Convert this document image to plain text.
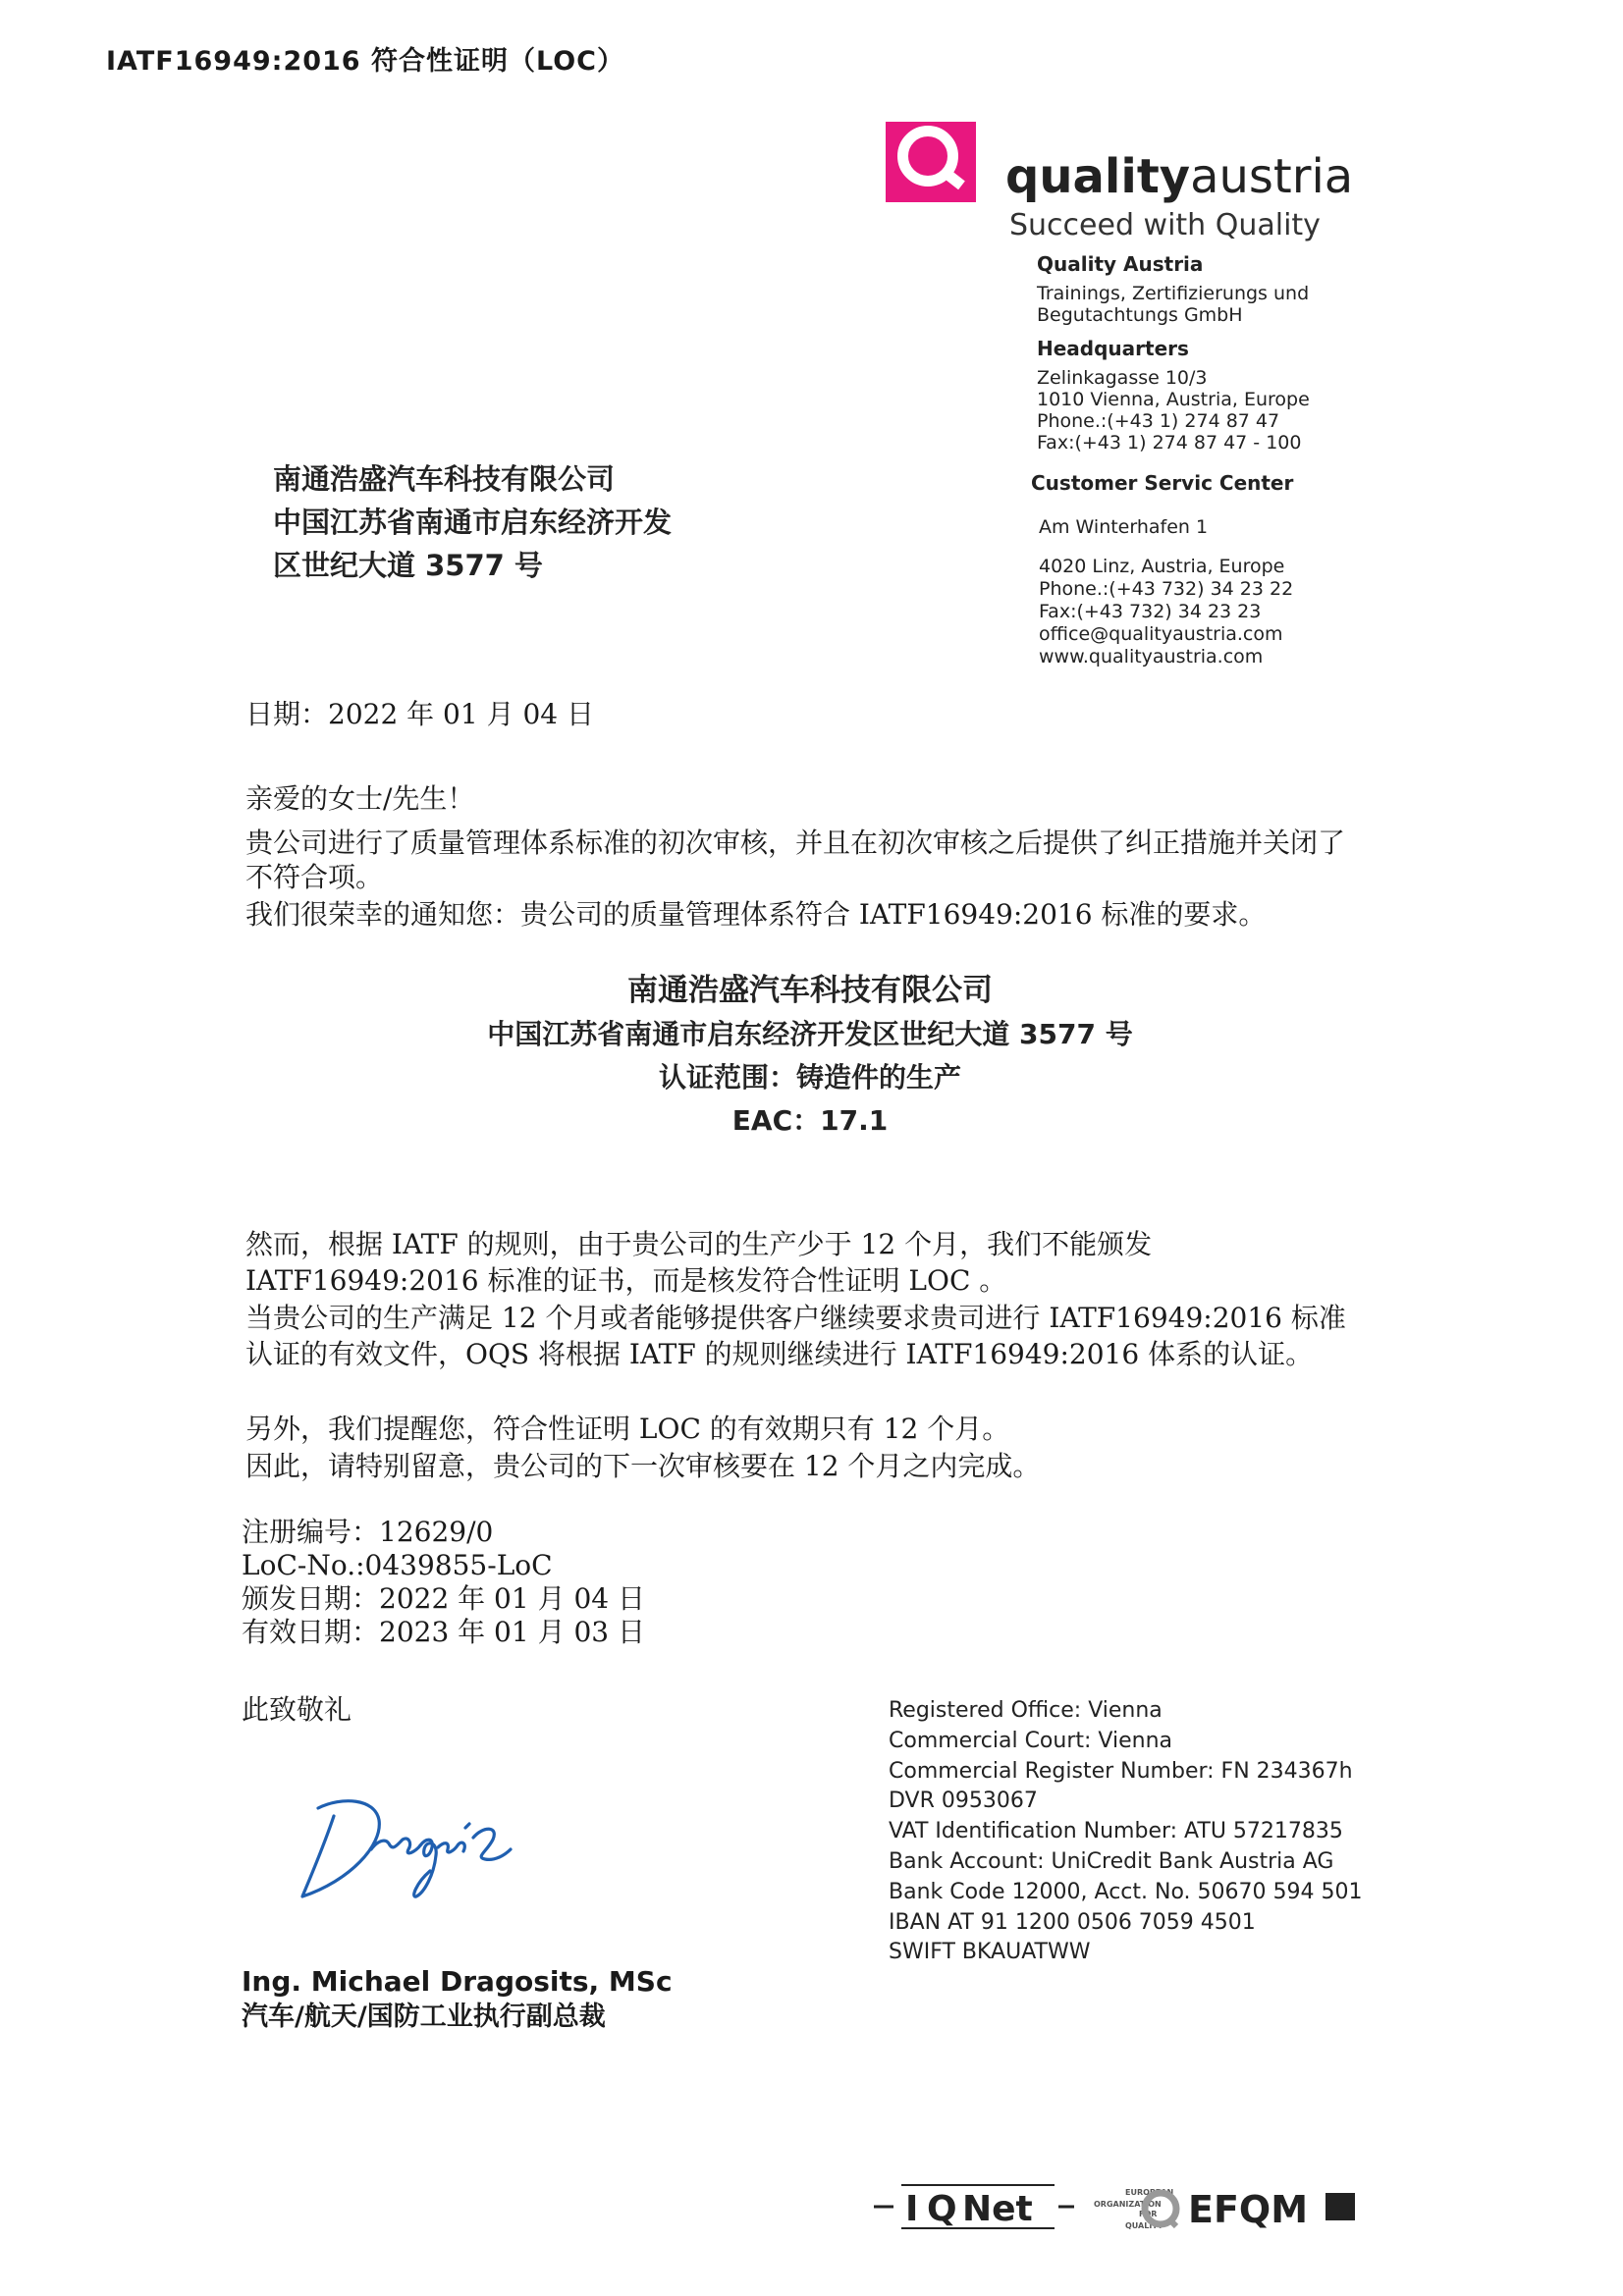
IATF16949:2016 符合性证明（LOC）
qualityaustria
Succeed with Quality
Quality Austria
Trainings, Zertifizierungs und
Begutachtungs GmbH
Headquarters
Zelinkagasse 10/3
1010 Vienna, Austria, Europe
Phone.:(+43 1) 274 87 47
Fax:(+43 1) 274 87 47 - 100
Customer Servic Center
Am Winterhafen 1
4020 Linz, Austria, Europe
Phone.:(+43 732) 34 23 22
Fax:(+43 732) 34 23 23
office@qualityaustria.com
www.qualityaustria.com
南通浩盛汽车科技有限公司
中国江苏省南通市启东经济开发
区世纪大道 3577 号
日期：2022 年 01 月 04 日
亲爱的女士/先生！
贵公司进行了质量管理体系标准的初次审核，并且在初次审核之后提供了纠正措施并关闭了
不符合项。
我们很荣幸的通知您：贵公司的质量管理体系符合 IATF16949:2016 标准的要求。
南通浩盛汽车科技有限公司
中国江苏省南通市启东经济开发区世纪大道 3577 号
认证范围：铸造件的生产
EAC：17.1
然而，根据 IATF 的规则，由于贵公司的生产少于 12 个月，我们不能颁发
IATF16949:2016 标准的证书，而是核发符合性证明 LOC 。
当贵公司的生产满足 12 个月或者能够提供客户继续要求贵司进行 IATF16949:2016 标准
认证的有效文件，OQS 将根据 IATF 的规则继续进行 IATF16949:2016 体系的认证。
另外，我们提醒您，符合性证明 LOC 的有效期只有 12 个月。
因此，请特别留意，贵公司的下一次审核要在 12 个月之内完成。
注册编号：12629/0
LoC-No.:0439855-LoC
颁发日期：2022 年 01 月 04 日
有效日期：2023 年 01 月 03 日
此致敬礼
Ing. Michael Dragosits, MSc
汽车/航天/国防工业执行副总裁
Registered Office: Vienna
Commercial Court: Vienna
Commercial Register Number: FN 234367h
DVR 0953067
VAT Identification Number: ATU 57217835
Bank Account: UniCredit Bank Austria AG
Bank Code 12000, Acct. No. 50670 594 501
IBAN AT 91 1200 0506 7059 4501
SWIFT BKAUATWW
I Q Net	EUROPEAN
ORGANIZATION
FOR
QUALITY EFQM
